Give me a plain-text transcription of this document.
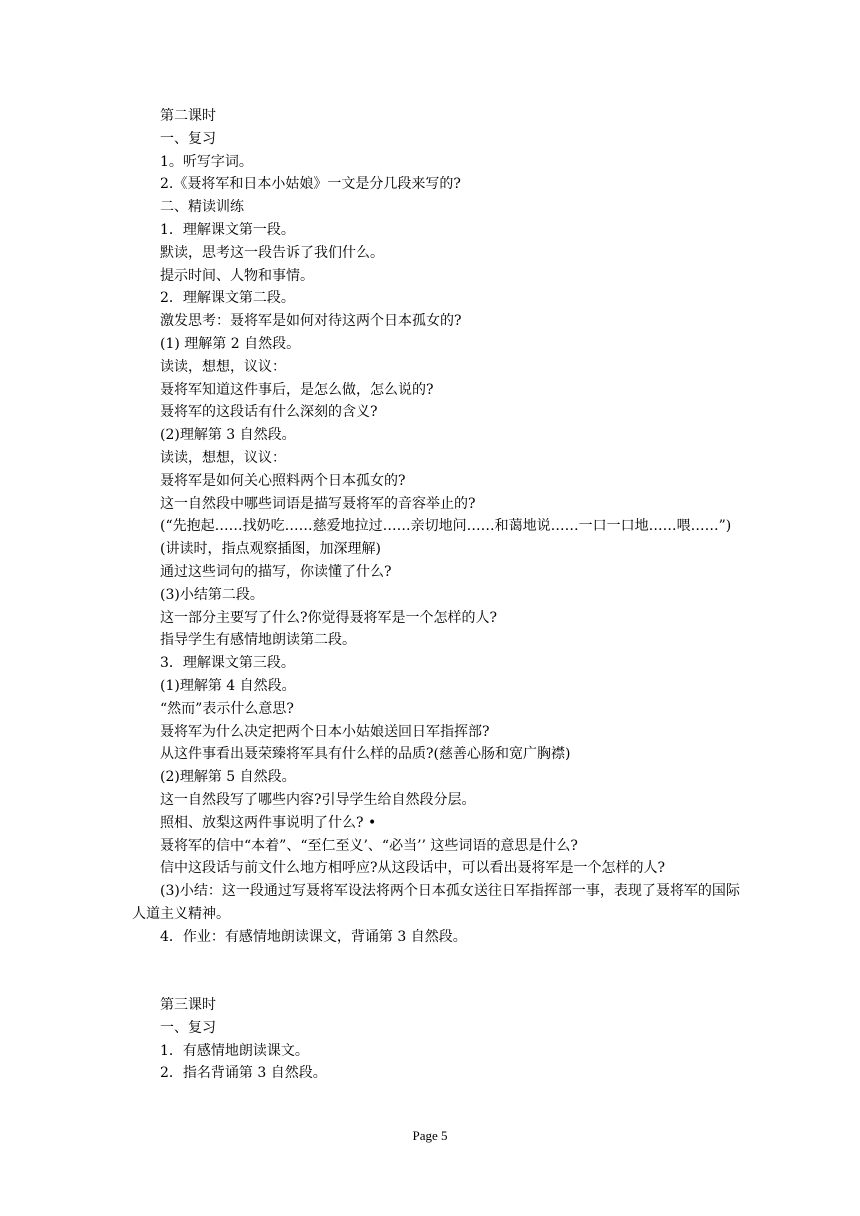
第二课时
一、复习
1。听写字词。
2.《聂将军和日本小姑娘》一文是分几段来写的?
二、精读训练
1．理解课文第一段。
默读，思考这一段告诉了我们什么。
提示时间、人物和事情。
2．理解课文第二段。
激发思考：聂将军是如何对待这两个日本孤女的?
(1) 理解第 2 自然段。
读读，想想，议议：
聂将军知道这件事后，是怎么做，怎么说的?
聂将军的这段话有什么深刻的含义?
(2)理解第 3 自然段。
读读，想想，议议：
聂将军是如何关心照料两个日本孤女的?
这一自然段中哪些词语是描写聂将军的音容举止的?
(“先抱起……找奶吃……慈爱地拉过……亲切地问……和蔼地说……一口一口地……喂……”)
(讲读时，指点观察插图，加深理解)
通过这些词句的描写，你读懂了什么?
(3)小结第二段。
这一部分主要写了什么?你觉得聂将军是一个怎样的人?
指导学生有感情地朗读第二段。
3．理解课文第三段。
(1)理解第 4 自然段。
“然而”表示什么意思?
聂将军为什么决定把两个日本小姑娘送回日军指挥部?
从这件事看出聂荣臻将军具有什么样的品质?(慈善心肠和宽广胸襟)
(2)理解第 5 自然段。
这一自然段写了哪些内容?引导学生给自然段分层。
照相、放梨这两件事说明了什么? •
聂将军的信中“本着”、“至仁至义’、“必当’’ 这些词语的意思是什么?
信中这段话与前文什么地方相呼应?从这段话中，可以看出聂将军是一个怎样的人?
(3)小结：这一段通过写聂将军设法将两个日本孤女送往日军指挥部一事，表现了聂将军的国际人道主义精神。
4．作业：有感情地朗读课文，背诵第 3 自然段。
第三课时
一、复习
1．有感情地朗读课文。
2．指名背诵第 3 自然段。
Page 5
